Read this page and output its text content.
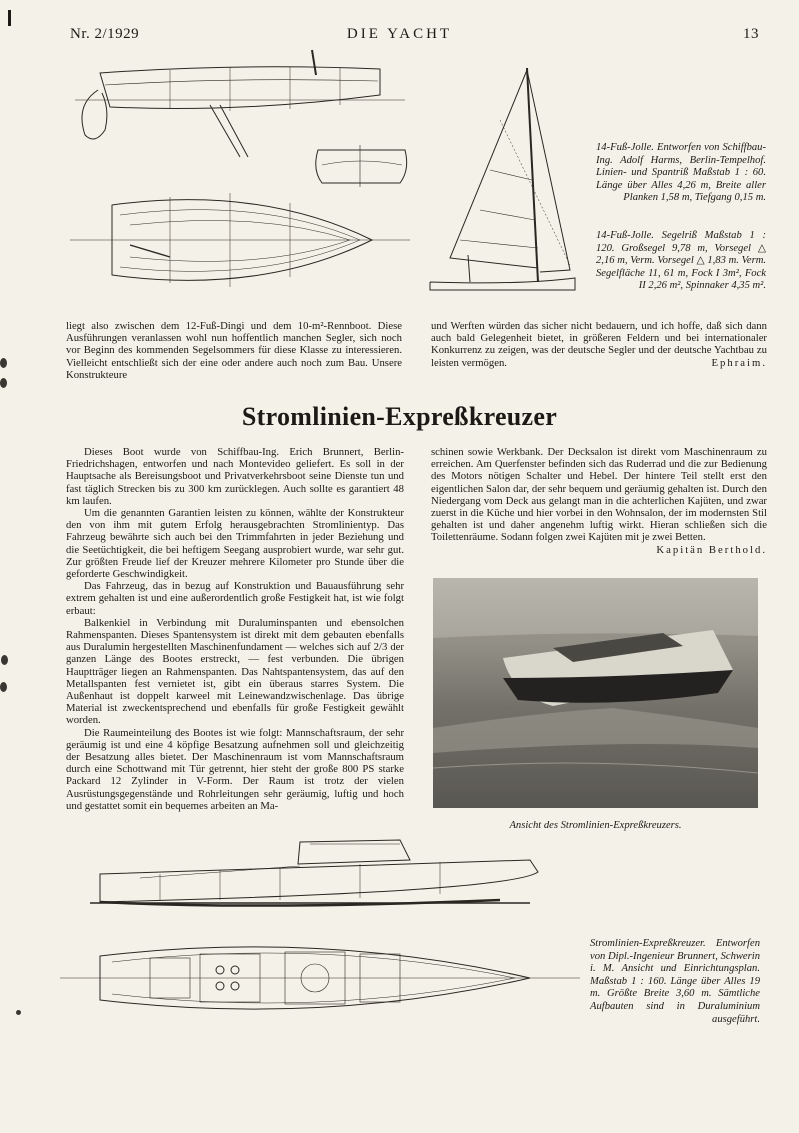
Nr. 2/1929	DIE YACHT	13
14-Fuß-Jolle. Entworfen von Schiffbau-Ing. Adolf Harms, Berlin-Tempelhof. Linien- und Spantriß Maßstab 1 : 60. Länge über Alles 4,26 m, Breite aller Planken 1,58 m, Tiefgang 0,15 m.
14-Fuß-Jolle. Segelriß Maßstab 1 : 120. Großsegel 9,78 m, Vorsegel △ 2,16 m, Verm. Vorsegel △ 1,83 m. Verm. Segelfläche 11, 61 m, Fock I 3m², Fock II 2,26 m², Spinnaker 4,35 m².

liegt also zwischen dem 12-Fuß-Dingi und dem 10-m²-Rennboot. Diese Ausführungen veranlassen wohl nun hoffentlich manchen Segler, sich noch vor Beginn des kommenden Segelsommers für diese Klasse zu interessieren. Vielleicht entschließt sich der eine oder andere auch noch zum Bau. Unsere Konstrukteure

und Werften würden das sicher nicht bedauern, und ich hoffe, daß sich dann auch bald Gelegenheit bietet, in größeren Feldern und bei internationaler Konkurrenz zu zeigen, was der deutsche Segler und der deutsche Yachtbau zu leisten vermögen.	Ephraim.
Stromlinien-Expreßkreuzer

Dieses Boot wurde von Schiffbau-Ing. Erich Brunnert, Berlin-Friedrichshagen, entworfen und nach Montevideo geliefert. Es soll in der Hauptsache als Bereisungsboot und Privatverkehrsboot seine Dienste tun und fast täglich Strecken bis zu 300 km zurücklegen. Auch sollte es garantiert 48 km laufen.

Um die genannten Garantien leisten zu können, wählte der Konstrukteur den von ihm mit gutem Erfolg herausgebrachten Stromlinientyp. Das Fahrzeug bewährte sich auch bei den Trimmfahrten in jeder Beziehung und die Seetüchtigkeit, die bei heftigem Seegang ausprobiert wurde, war sehr gut. Zur größten Freude lief der Kreuzer mehrere Kilometer pro Stunde über die geforderte Geschwindigkeit.

Das Fahrzeug, das in bezug auf Konstruktion und Bauausführung sehr extrem gehalten ist und eine außerordentlich große Festigkeit hat, ist wie folgt erbaut:

Balkenkiel in Verbindung mit Duraluminspanten und ebensolchen Rahmenspanten. Dieses Spantensystem ist direkt mit dem gebauten ebenfalls aus Duralumin hergestellten Maschinenfundament — welches sich auf 2/3 der ganzen Länge des Bootes erstreckt, — fest verbunden. Die übrigen Hauptträger liegen an Rahmenspanten. Das Nahtspantensystem, das auf den Metallspanten fest vernietet ist, gibt ein überaus starres System. Die Außenhaut ist doppelt karweel mit Leinewandzwischenlage. Das übrige Material ist zweckentsprechend und ebenfalls für große Festigkeit gewählt worden.

Die Raumeinteilung des Bootes ist wie folgt: Mannschaftsraum, der sehr geräumig ist und eine 4 köpfige Besatzung aufnehmen soll und gleichzeitig der Besatzung alles bietet. Der Maschinenraum ist vom Mannschaftsraum durch eine Schottwand mit Tür getrennt, hier steht der große 800 PS starke Packard 12 Zylinder in V-Form. Der Raum ist trotz der vielen Ausrüstungsgegenstände und Rohrleitungen sehr geräumig, luftig und hoch und gestattet somit ein bequemes arbeiten an Ma-

schinen sowie Werkbank. Der Decksalon ist direkt vom Maschinenraum zu erreichen. Am Querfenster befinden sich das Ruderrad und die zur Bedienung des Motors nötigen Schalter und Hebel. Der hintere Teil stellt erst den eigentlichen Salon dar, der sehr bequem und geräumig gehalten ist. Durch den Niedergang vom Deck aus gelangt man in die achterlichen Kajüten, und zwar zuerst in die Küche und hier vorbei in den Wohnsalon, der im modernsten Stil gehalten ist und daher angenehm luftig wirkt. Hieran schließen sich die Toilettenräume. Sodann folgen zwei Kajüten mit je zwei Betten.

Kapitän Berthold.
Ansicht des Stromlinien-Expreßkreuzers.
Stromlinien-Expreßkreuzer. Entworfen von Dipl.-Ingenieur Brunnert, Schwerin i. M. Ansicht und Einrichtungsplan. Maßstab 1 : 160. Länge über Alles 19 m. Größte Breite 3,60 m. Sämtliche Aufbauten sind in Duraluminium ausgeführt.
